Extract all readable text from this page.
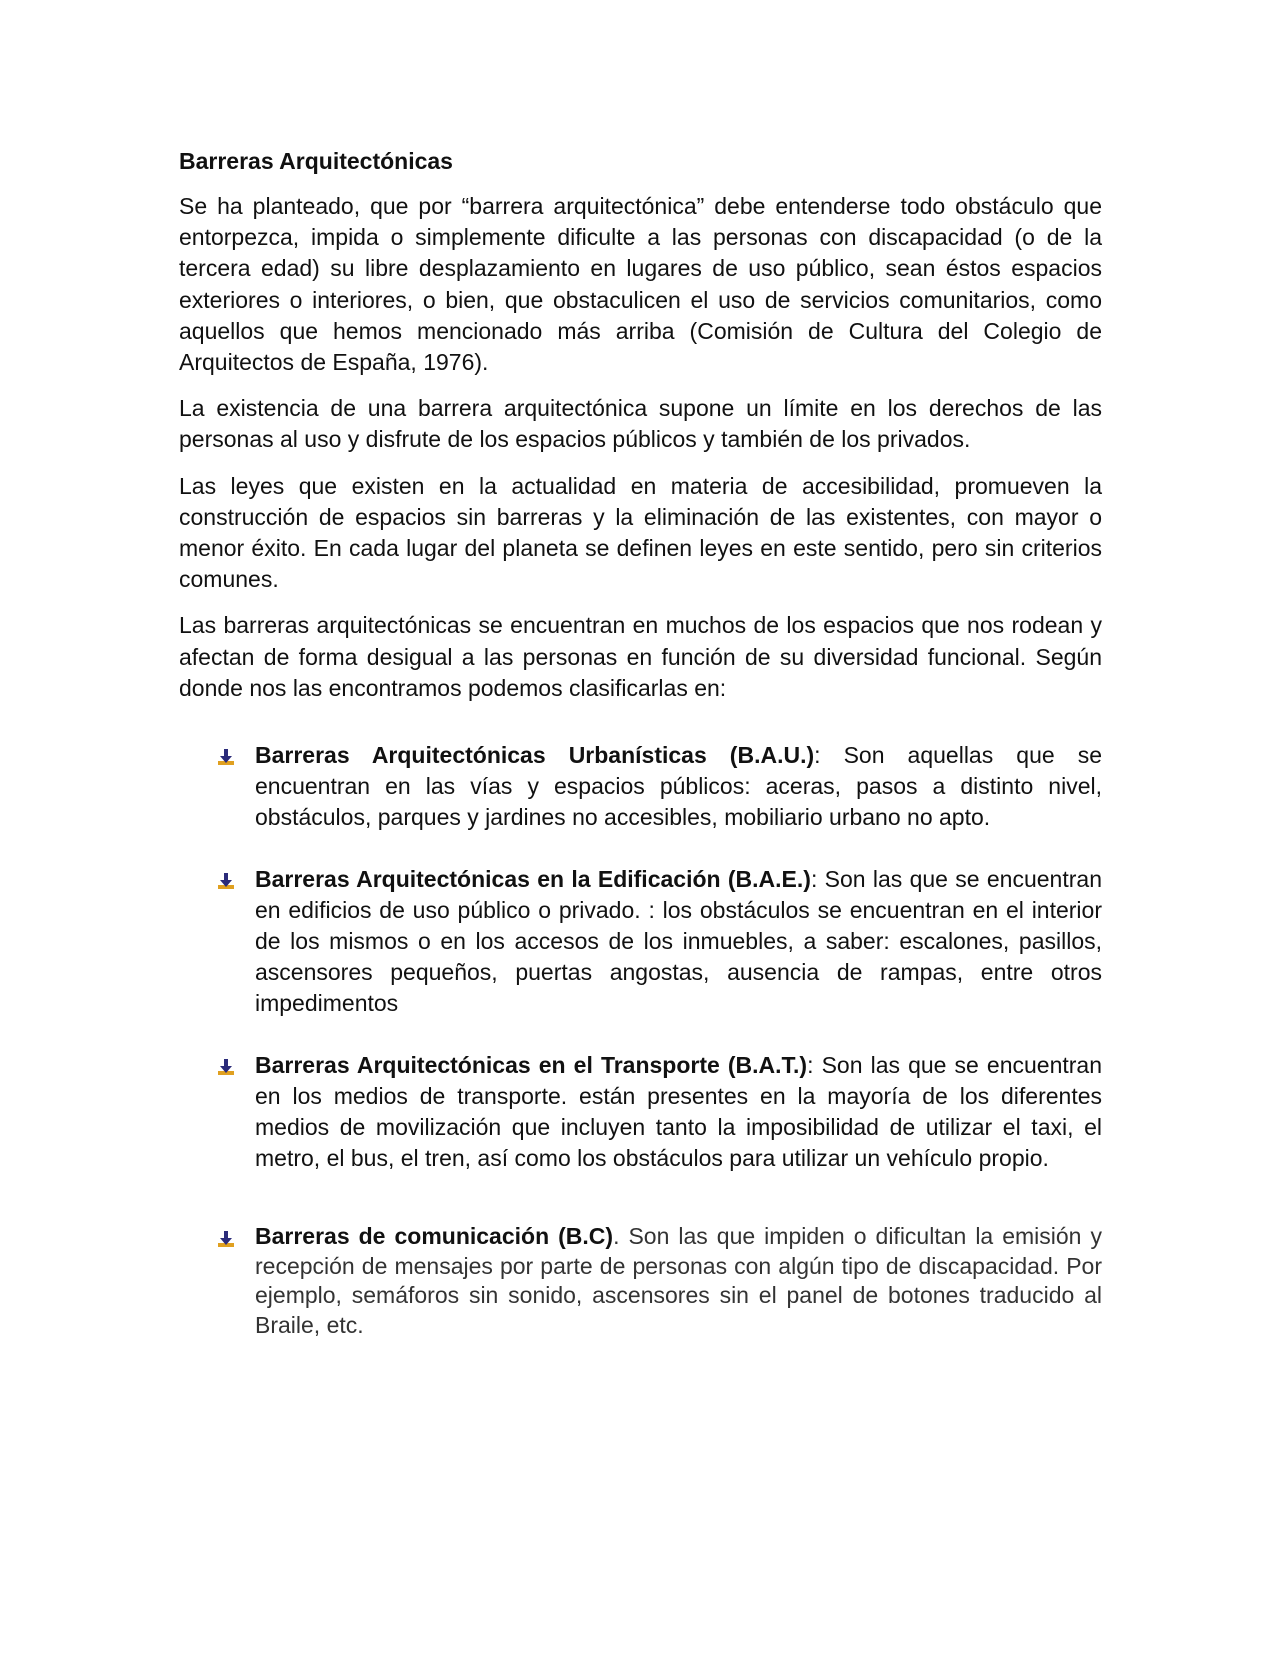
Barreras Arquitectónicas

Se ha planteado, que por “barrera arquitectónica” debe entenderse todo obstáculo que entorpezca, impida o simplemente dificulte a las personas con discapacidad (o de la tercera edad) su libre desplazamiento en lugares de uso público, sean éstos espacios exteriores o interiores, o bien, que obstaculicen el uso de servicios comunitarios, como aquellos que hemos mencionado más arriba (Comisión de Cultura del Colegio de Arquitectos de España, 1976).

La existencia de una barrera arquitectónica supone un límite en los derechos de las personas al uso y disfrute de los espacios públicos y también de los privados.

Las leyes que existen en la actualidad en materia de accesibilidad, promueven la construcción de espacios sin barreras y la eliminación de las existentes, con mayor o menor éxito. En cada lugar del planeta se definen leyes en este sentido, pero sin criterios comunes.

Las barreras arquitectónicas se encuentran en muchos de los espacios que nos rodean y afectan de forma desigual a las personas en función de su diversidad funcional. Según donde nos las encontramos podemos clasificarlas en:

Barreras Arquitectónicas Urbanísticas (B.A.U.): Son aquellas que se encuentran en las vías y espacios públicos: aceras, pasos a distinto nivel, obstáculos, parques y jardines no accesibles, mobiliario urbano no apto.
Barreras Arquitectónicas en la Edificación (B.A.E.): Son las que se encuentran en edificios de uso público o privado. : los obstáculos se encuentran en el interior de los mismos o en los accesos de los inmuebles, a saber: escalones, pasillos, ascensores pequeños, puertas angostas, ausencia de rampas, entre otros impedimentos
Barreras Arquitectónicas en el Transporte (B.A.T.): Son las que se encuentran en los medios de transporte. están presentes en la mayoría de los diferentes medios de movilización que incluyen tanto la imposibilidad de utilizar el taxi, el metro, el bus, el tren, así como los obstáculos para utilizar un vehículo propio.
Barreras de comunicación (B.C). Son las que impiden o dificultan la emisión y recepción de mensajes por parte de personas con algún tipo de discapacidad. Por ejemplo, semáforos sin sonido, ascensores sin el panel de botones traducido al Braile, etc.
